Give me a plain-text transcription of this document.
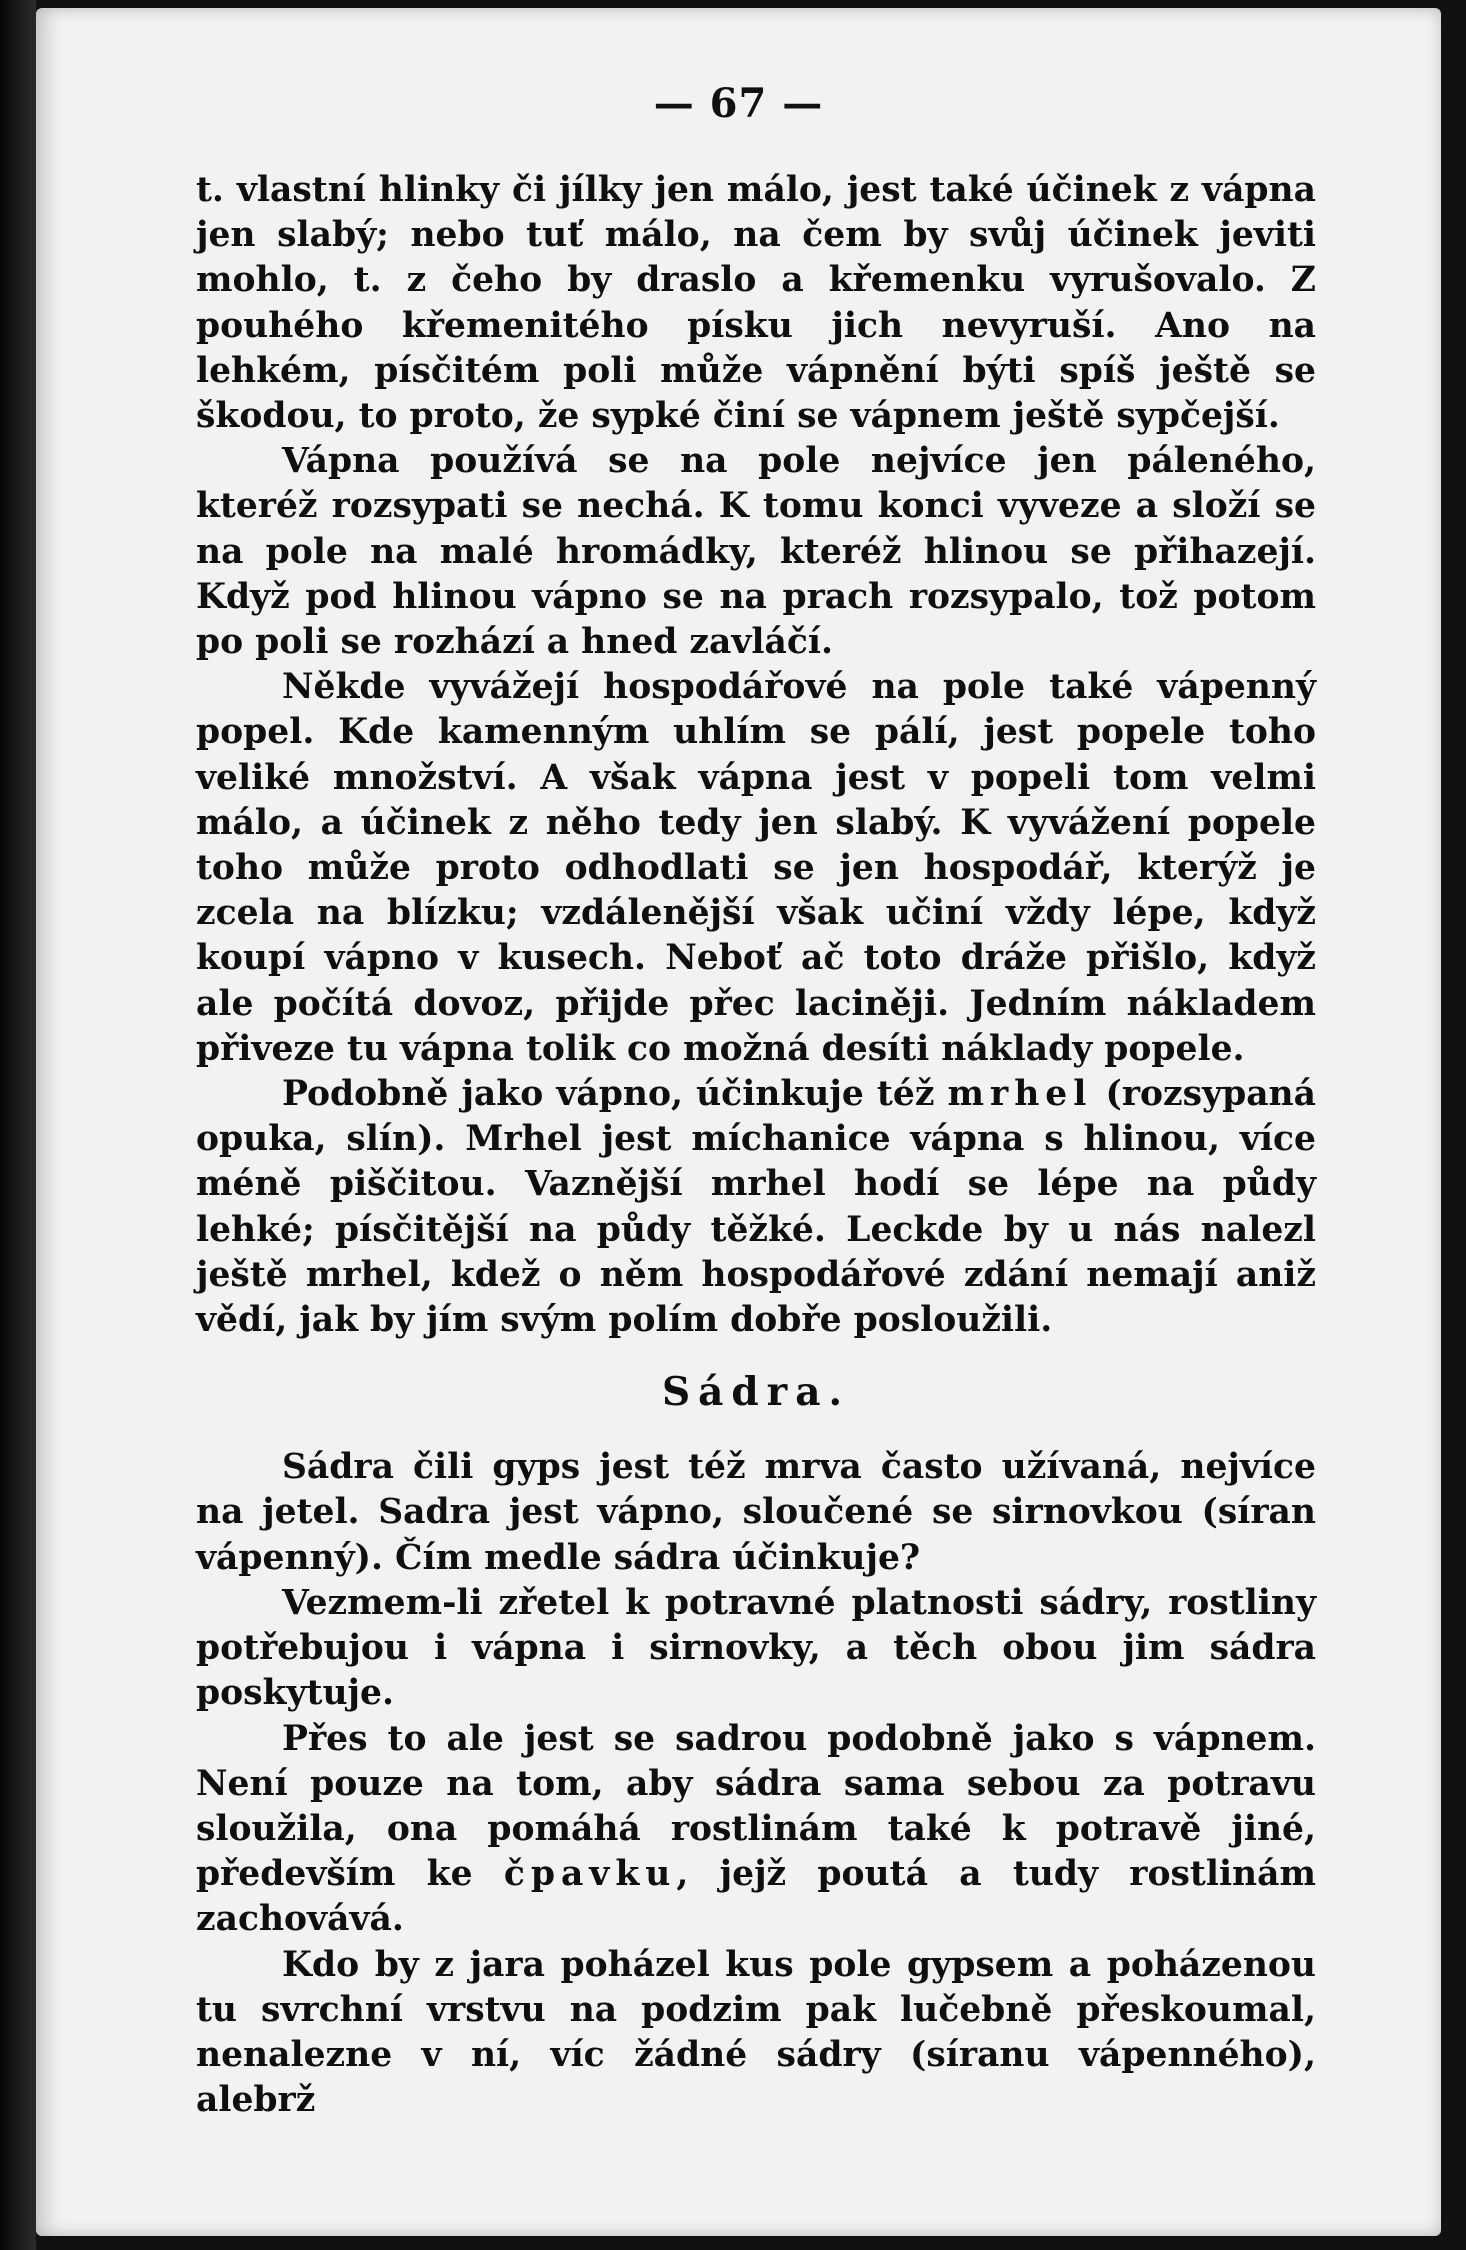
— 67 —

t. vlastní hlinky či jílky jen málo, jest také účinek z vápna jen slabý; nebo tuť málo, na čem by svůj účinek jeviti mohlo, t. z čeho by draslo a křemenku vyrušovalo. Z pouhého křemenitého písku jich nevyruší. Ano na lehkém, písčitém poli může vápnění býti spíš ještě se škodou, to proto, že sypké činí se vápnem ještě sypčejší.

Vápna používá se na pole nejvíce jen páleného, kteréž rozsypati se nechá. K tomu konci vyveze a složí se na pole na malé hromádky, kteréž hlinou se přihazejí. Když pod hlinou vápno se na prach rozsypalo, tož potom po poli se rozhází a hned zavláčí.

Někde vyvážejí hospodářové na pole také vápenný popel. Kde kamenným uhlím se pálí, jest popele toho veliké množství. A však vápna jest v popeli tom velmi málo, a účinek z něho tedy jen slabý. K vyvážení popele toho může proto odhodlati se jen hospodář, kterýž je zcela na blízku; vzdálenější však učiní vždy lépe, když koupí vápno v kusech. Neboť ač toto dráže přišlo, když ale počítá dovoz, přijde přec laciněji. Jedním nákladem přiveze tu vápna tolik co možná desíti náklady popele.

Podobně jako vápno, účinkuje též mrhel (rozsypaná opuka, slín). Mrhel jest míchanice vápna s hlinou, více méně piščitou. Vaznější mrhel hodí se lépe na půdy lehké; písčitější na půdy těžké. Leckde by u nás nalezl ještě mrhel, kdež o něm hospodářové zdání nemají aniž vědí, jak by jím svým polím dobře posloužili.

Sádra.

Sádra čili gyps jest též mrva často užívaná, nejvíce na jetel. Sadra jest vápno, sloučené se sirnovkou (síran vápenný). Čím medle sádra účinkuje?

Vezmem-li zřetel k potravné platnosti sádry, rostliny potřebujou i vápna i sirnovky, a těch obou jim sádra poskytuje.

Přes to ale jest se sadrou podobně jako s vápnem. Není pouze na tom, aby sádra sama sebou za potravu sloužila, ona pomáhá rostlinám také k potravě jiné, především ke čpavku, jejž poutá a tudy rostlinám zachovává.

Kdo by z jara poházel kus pole gypsem a poházenou tu svrchní vrstvu na podzim pak lučebně přeskoumal, nenalezne v ní, víc žádné sádry (síranu vápenného), alebrž
